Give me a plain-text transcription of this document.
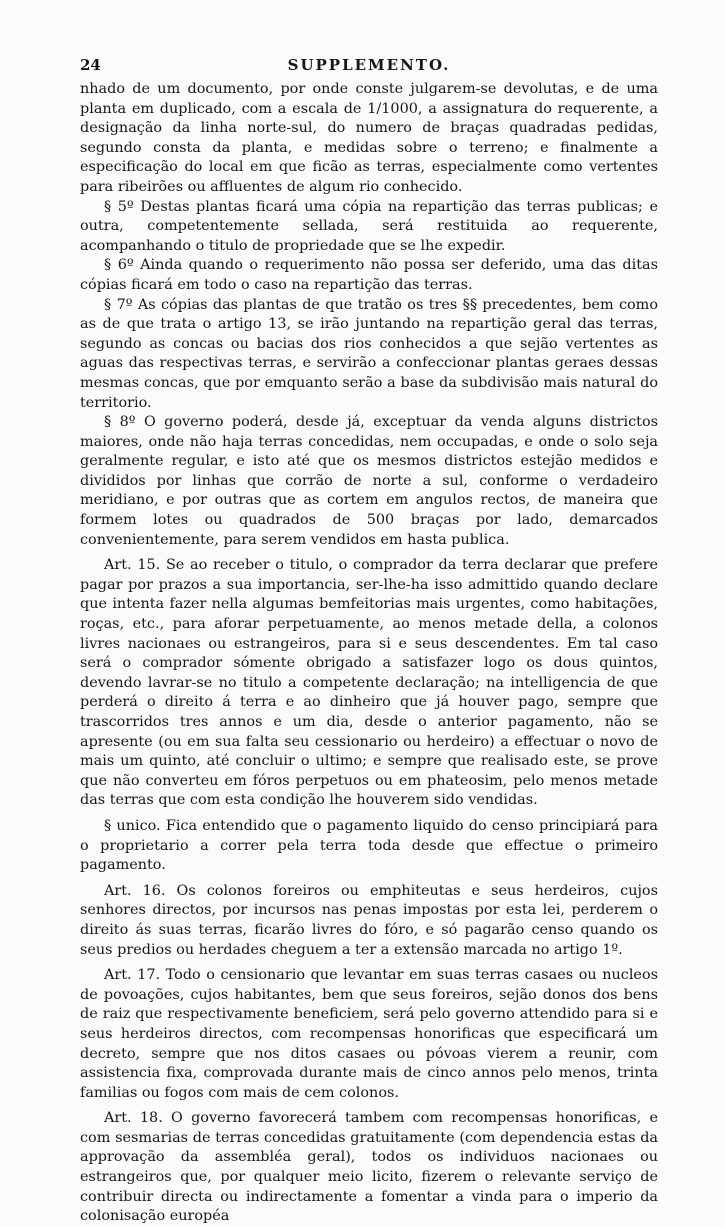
24	SUPPLEMENTO.

nhado de um documento, por onde conste julgarem-se devolutas, e de uma planta em duplicado, com a escala de 1/1000, a assignatura do requerente, a designação da linha norte-sul, do numero de braças quadradas pedidas, segundo consta da planta, e medidas sobre o terreno; e finalmente a especificação do local em que ficão as terras, especialmente como vertentes para ribeirões ou affluentes de algum rio conhecido.

§ 5º Destas plantas ficará uma cópia na repartição das terras publicas; e outra, competentemente sellada, será restituida ao requerente, acompanhando o titulo de propriedade que se lhe expedir.

§ 6º Ainda quando o requerimento não possa ser deferido, uma das ditas cópias ficará em todo o caso na repartição das terras.

§ 7º As cópias das plantas de que tratão os tres §§ precedentes, bem como as de que trata o artigo 13, se irão juntando na repartição geral das terras, segundo as concas ou bacias dos rios conhecidos a que sejão vertentes as aguas das respectivas terras, e servirão a confeccionar plantas geraes dessas mesmas concas, que por emquanto serão a base da subdivisão mais natural do territorio.

§ 8º O governo poderá, desde já, exceptuar da venda alguns districtos maiores, onde não haja terras concedidas, nem occupadas, e onde o solo seja geralmente regular, e isto até que os mesmos districtos estejão medidos e divididos por linhas que corrão de norte a sul, conforme o verdadeiro meridiano, e por outras que as cortem em angulos rectos, de maneira que formem lotes ou quadrados de 500 braças por lado, demarcados convenientemente, para serem vendidos em hasta publica.

Art. 15. Se ao receber o titulo, o comprador da terra declarar que prefere pagar por prazos a sua importancia, ser-lhe-ha isso admittido quando declare que intenta fazer nella algumas bemfeitorias mais urgentes, como habitações, roças, etc., para aforar perpetuamente, ao menos metade della, a colonos livres nacionaes ou estrangeiros, para si e seus descendentes. Em tal caso será o comprador sómente obrigado a satisfazer logo os dous quintos, devendo lavrar-se no titulo a competente declaração; na intelligencia de que perderá o direito á terra e ao dinheiro que já houver pago, sempre que trascorridos tres annos e um dia, desde o anterior pagamento, não se apresente (ou em sua falta seu cessionario ou herdeiro) a effectuar o novo de mais um quinto, até concluir o ultimo; e sempre que realisado este, se prove que não converteu em fóros perpetuos ou em phateosim, pelo menos metade das terras que com esta condição lhe houverem sido vendidas.

§ unico. Fica entendido que o pagamento liquido do censo principiará para o proprietario a correr pela terra toda desde que effectue o primeiro pagamento.

Art. 16. Os colonos foreiros ou emphiteutas e seus herdeiros, cujos senhores directos, por incursos nas penas impostas por esta lei, perderem o direito ás suas terras, ficarão livres do fóro, e só pagarão censo quando os seus predios ou herdades cheguem a ter a extensão marcada no artigo 1º.

Art. 17. Todo o censionario que levantar em suas terras casaes ou nucleos de povoações, cujos habitantes, bem que seus foreiros, sejão donos dos bens de raiz que respectivamente beneficiem, será pelo governo attendido para si e seus herdeiros directos, com recompensas honorificas que especificará um decreto, sempre que nos ditos casaes ou póvoas vierem a reunir, com assistencia fixa, comprovada durante mais de cinco annos pelo menos, trinta familias ou fogos com mais de cem colonos.

Art. 18. O governo favorecerá tambem com recompensas honorificas, e com sesmarias de terras concedidas gratuitamente (com dependencia estas da approvação da assembléa geral), todos os individuos nacionaes ou estrangeiros que, por qualquer meio licito, fizerem o relevante serviço de contribuir directa ou indirectamente a fomentar a vinda para o imperio da colonisação européa
